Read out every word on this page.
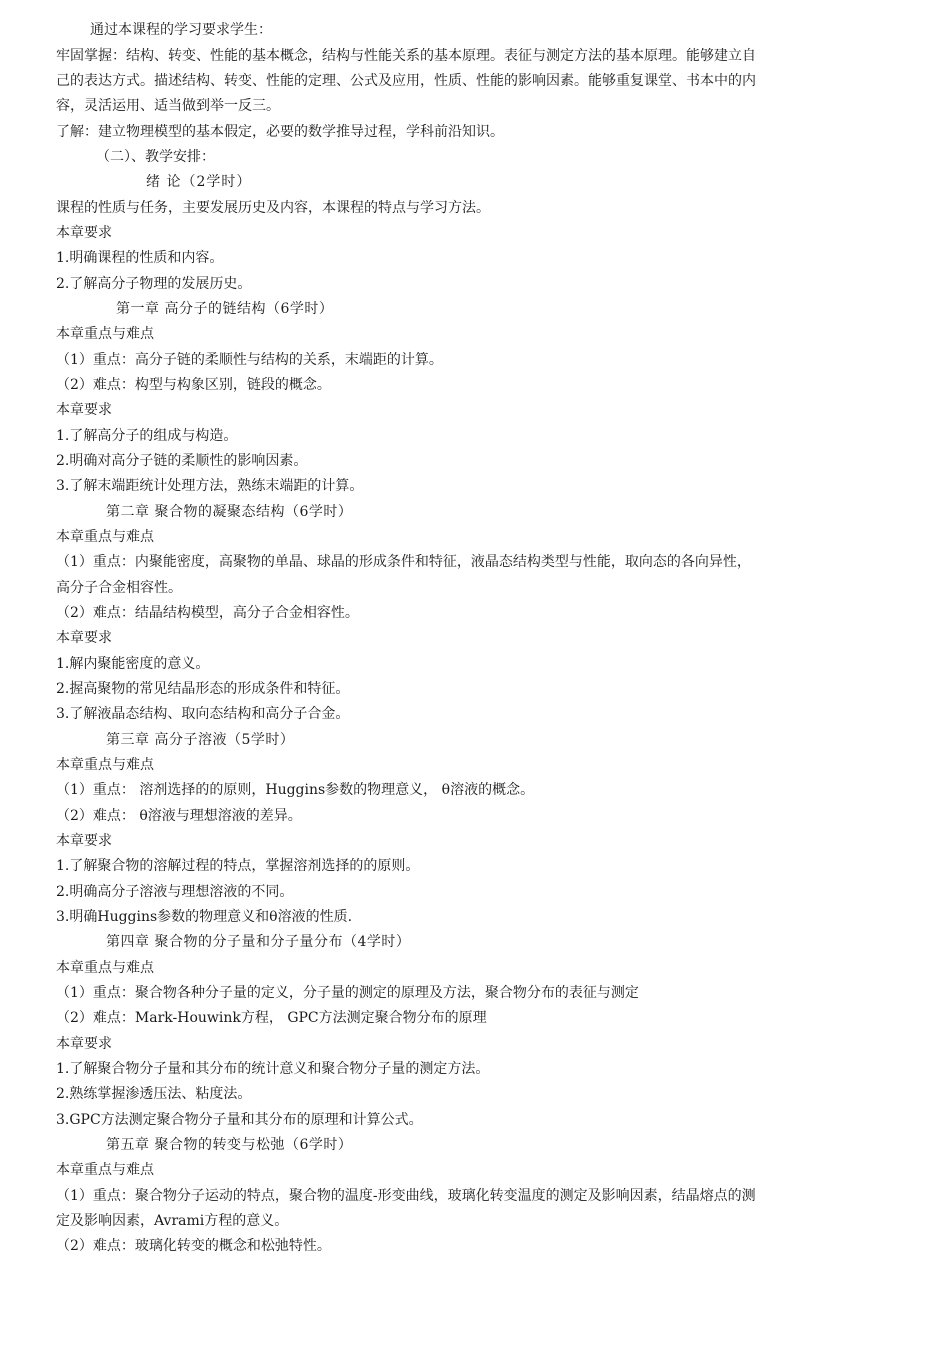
通过本课程的学习要求学生：
牢固掌握：结构、转变、性能的基本概念，结构与性能关系的基本原理。表征与测定方法的基本原理。能够建立自
己的表达方式。描述结构、转变、性能的定理、公式及应用，性质、性能的影响因素。能够重复课堂、书本中的内
容，灵活运用、适当做到举一反三。
了解：建立物理模型的基本假定，必要的数学推导过程，学科前沿知识。
（二）、教学安排：
绪 论（2学时）
课程的性质与任务，主要发展历史及内容，本课程的特点与学习方法。
本章要求
1.明确课程的性质和内容。
2.了解高分子物理的发展历史。
第一章 高分子的链结构（6学时）
本章重点与难点
（1）重点：高分子链的柔顺性与结构的关系，末端距的计算。
（2）难点：构型与构象区别，链段的概念。
本章要求
1.了解高分子的组成与构造。
2.明确对高分子链的柔顺性的影响因素。
3.了解末端距统计处理方法，熟练末端距的计算。
第二章 聚合物的凝聚态结构（6学时）
本章重点与难点
（1）重点：内聚能密度，高聚物的单晶、球晶的形成条件和特征，液晶态结构类型与性能，取向态的各向异性，
高分子合金相容性。
（2）难点：结晶结构模型，高分子合金相容性。
本章要求
1.解内聚能密度的意义。
2.握高聚物的常见结晶形态的形成条件和特征。
3.了解液晶态结构、取向态结构和高分子合金。
第三章 高分子溶液（5学时）
本章重点与难点
（1）重点： 溶剂选择的的原则，Huggins参数的物理意义， θ溶液的概念。
（2）难点： θ溶液与理想溶液的差异。
本章要求
1.了解聚合物的溶解过程的特点，掌握溶剂选择的的原则。
2.明确高分子溶液与理想溶液的不同。
3.明确Huggins参数的物理意义和θ溶液的性质.
第四章 聚合物的分子量和分子量分布（4学时）
本章重点与难点
（1）重点：聚合物各种分子量的定义，分子量的测定的原理及方法，聚合物分布的表征与测定
（2）难点：Mark-Houwink方程， GPC方法测定聚合物分布的原理
本章要求
1.了解聚合物分子量和其分布的统计意义和聚合物分子量的测定方法。
2.熟练掌握渗透压法、粘度法。
3.GPC方法测定聚合物分子量和其分布的原理和计算公式。
第五章 聚合物的转变与松弛（6学时）
本章重点与难点
（1）重点：聚合物分子运动的特点，聚合物的温度-形变曲线，玻璃化转变温度的测定及影响因素，结晶熔点的测
定及影响因素，Avrami方程的意义。
（2）难点：玻璃化转变的概念和松弛特性。
